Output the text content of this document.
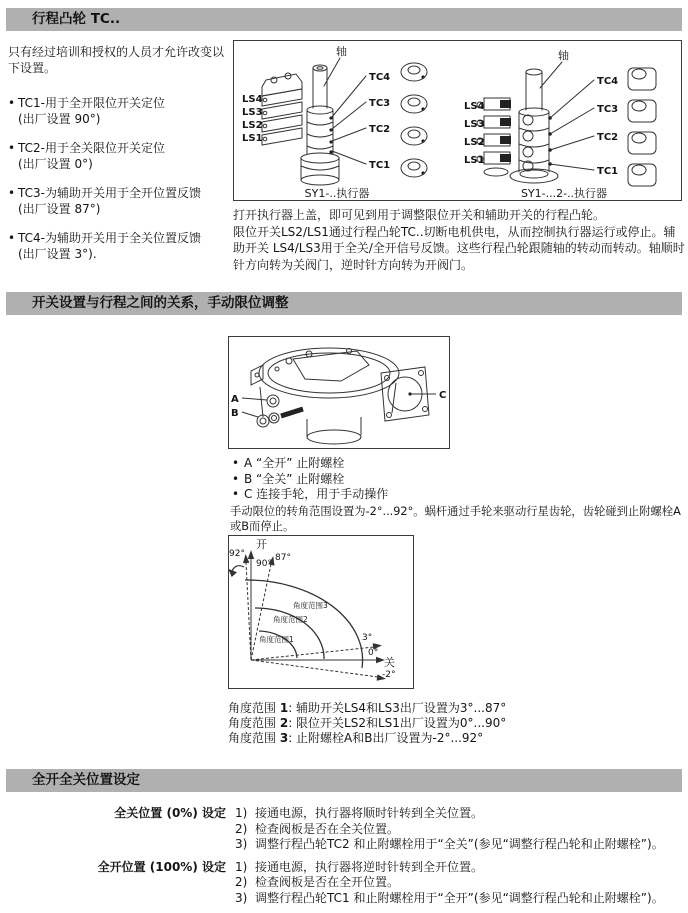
行程凸轮 TC..
只有经过培训和授权的人员才允许改变以下设置。
• TC1-用于全开限位开关定位
(出厂设置 90°)
• TC2-用于全关限位开关定位
(出厂设置 0°)
• TC3-为辅助开关用于全开位置反馈
(出厂设置 87°)
• TC4-为辅助开关用于全关位置反馈
(出厂设置 3°).
轴
LS4
LS3
LS2
LS1
TC4
TC3
TC2
TC1
SY1-..执行器
轴
LS4
LS3
LS2
LS1
TC4
TC3
TC2
TC1
SY1-...2-..执行器
打开执行器上盖，即可见到用于调整限位开关和辅助开关的行程凸轮。
限位开关LS2/LS1通过行程凸轮TC..切断电机供电，从而控制执行器运行或停止。辅助开关 LS4/LS3用于全关/全开信号反馈。这些行程凸轮跟随轴的转动而转动。轴顺时针方向转为关阀门，逆时针方向转为开阀门。
开关设置与行程之间的关系，手动限位调整
A
B
C
• A “全开” 止附螺栓
• B “全关” 止附螺栓
• C 连接手轮，用于手动操作
手动限位的转角范围设置为-2°...92°。蜗杆通过手轮来驱动行星齿轮，齿轮碰到止附螺栓A或B而停止。
92°
开
90°
87°
3°
0°
关
-2°
角度范围1
角度范围2
角度范围3
角度范围 1: 辅助开关LS4和LS3出厂设置为3°...87°
角度范围 2: 限位开关LS2和LS1出厂设置为0°...90°
角度范围 3: 止附螺栓A和B出厂设置为-2°...92°
全开全关位置设定
全关位置 (0%) 设定 1) 接通电源，执行器将顺时针转到全关位置。
2) 检查阀板是否在全关位置。
3) 调整行程凸轮TC2 和止附螺栓用于“全关”(参见“调整行程凸轮和止附螺栓”)。
全开位置 (100%) 设定 1) 接通电源，执行器将逆时针转到全开位置。
2) 检查阀板是否在全开位置。
3) 调整行程凸轮TC1 和止附螺栓用于“全开”(参见“调整行程凸轮和止附螺栓”)。
